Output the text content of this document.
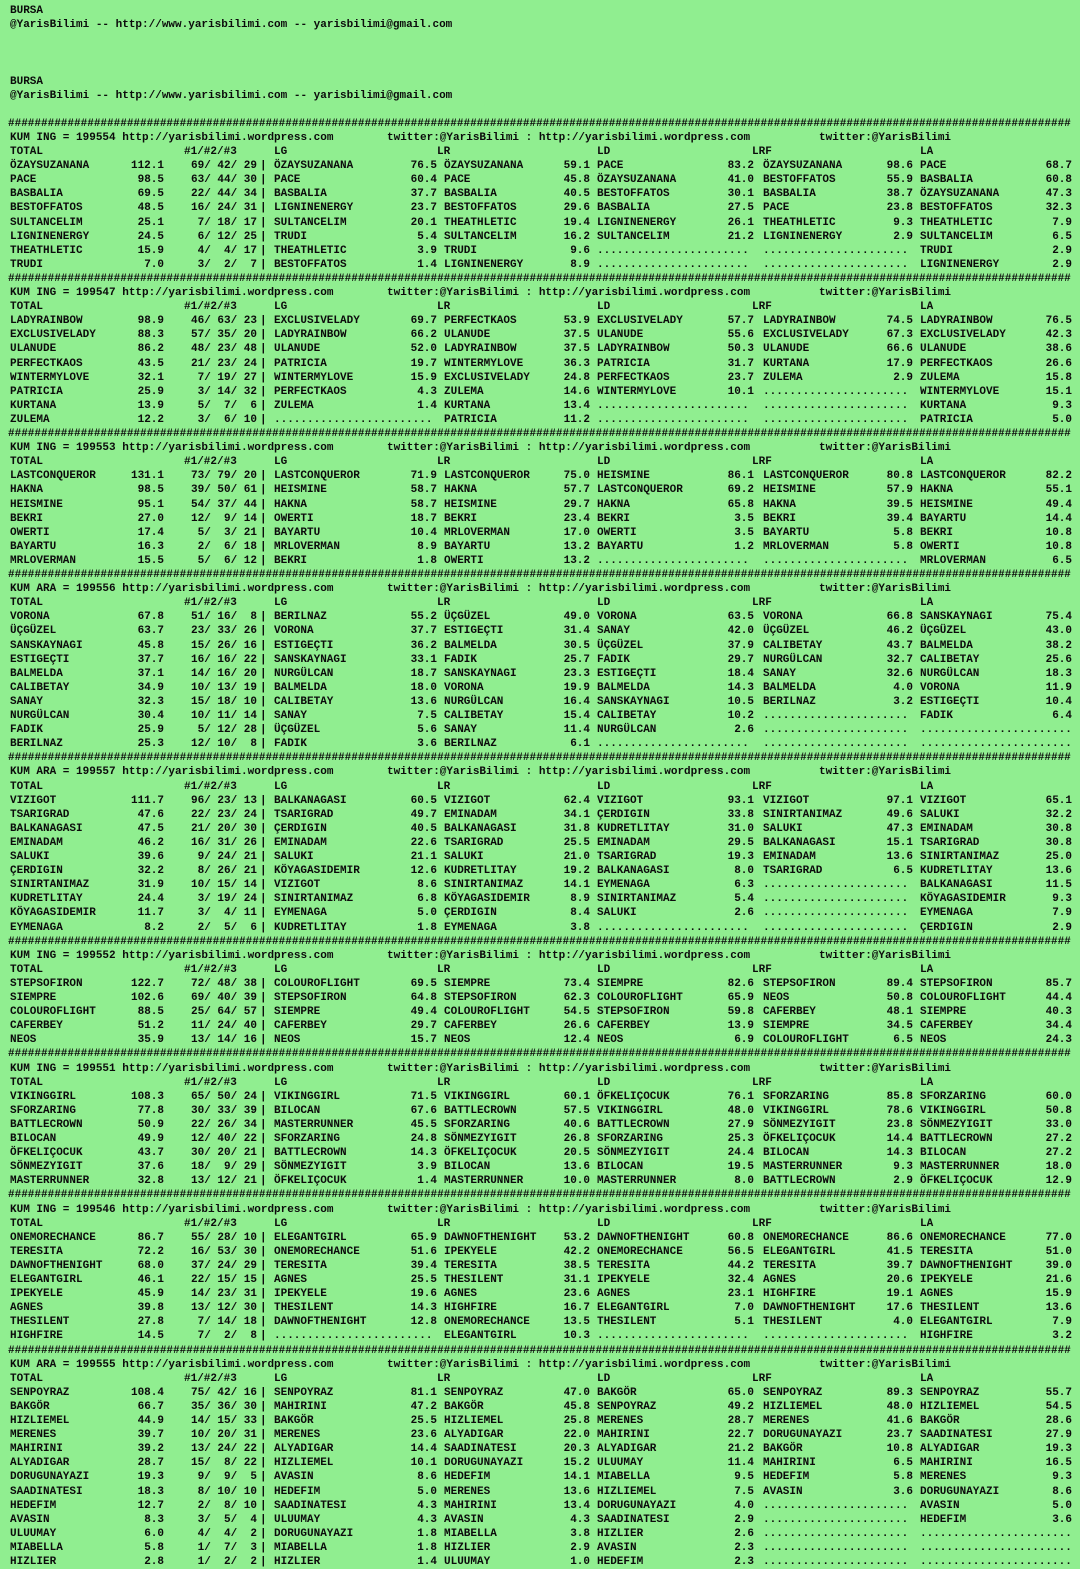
BURSA
@YarisBilimi -- http://www.yarisbilimi.com -- yarisbilimi@gmail.com
BURSA
@YarisBilimi -- http://www.yarisbilimi.com -- yarisbilimi@gmail.com
#################################################################################################################################################################
KUM ING = 199554 http://yarisbilimi.wordpress.com	twitter:@YarisBilimi : http://yarisbilimi.wordpress.com	twitter:@YarisBilimi
TOTAL	#1/#2/#3	LG	LR	LD	LRF	LA
ÖZAYSUZANANA	112.1 69/ 42/ 29 | ÖZAYSUZANANA	76.5 ÖZAYSUZANANA	59.1 PACE	83.2 ÖZAYSUZANANA	98.6 PACE	68.7
PACE	98.5 63/ 44/ 30 | PACE	60.4 PACE	45.8 ÖZAYSUZANANA	41.0 BESTOFFATOS	55.9 BASBALIA	60.8
BASBALIA	69.5 22/ 44/ 34 | BASBALIA	37.7 BASBALIA	40.5 BESTOFFATOS	30.1 BASBALIA	38.7 ÖZAYSUZANANA	47.3
BESTOFFATOS	48.5 16/ 24/ 31 | LIGNINENERGY	23.7 BESTOFFATOS	29.6 BASBALIA	27.5 PACE	23.8 BESTOFFATOS	32.3
SULTANCELIM	25.1 7/ 18/ 17 | SULTANCELIM	20.1 THEATHLETIC	19.4 LIGNINENERGY	26.1 THEATHLETIC	9.3 THEATHLETIC	7.9
LIGNINENERGY	24.5 6/ 12/ 25 | TRUDI	5.4 SULTANCELIM	16.2 SULTANCELIM	21.2 LIGNINENERGY	2.9 SULTANCELIM	6.5
THEATHLETIC	15.9 4/  4/ 17 | THEATHLETIC	3.9 TRUDI	9.6 ....................... ...................... TRUDI	2.9
TRUDI	7.0 3/  2/  7 | BESTOFFATOS	1.4 LIGNINENERGY	8.9 ....................... ...................... LIGNINENERGY	2.9
#################################################################################################################################################################
KUM ING = 199547 http://yarisbilimi.wordpress.com	twitter:@YarisBilimi : http://yarisbilimi.wordpress.com	twitter:@YarisBilimi
TOTAL	#1/#2/#3	LG	LR	LD	LRF	LA
LADYRAINBOW	98.9 46/ 63/ 23 | EXCLUSIVELADY	69.7 PERFECTKAOS	53.9 EXCLUSIVELADY	57.7 LADYRAINBOW	74.5 LADYRAINBOW	76.5
EXCLUSIVELADY	88.3 57/ 35/ 20 | LADYRAINBOW	66.2 ULANUDE	37.5 ULANUDE	55.6 EXCLUSIVELADY	67.3 EXCLUSIVELADY	42.3
ULANUDE	86.2 48/ 23/ 48 | ULANUDE	52.0 LADYRAINBOW	37.5 LADYRAINBOW	50.3 ULANUDE	66.6 ULANUDE	38.6
PERFECTKAOS	43.5 21/ 23/ 24 | PATRICIA	19.7 WINTERMYLOVE	36.3 PATRICIA	31.7 KURTANA	17.9 PERFECTKAOS	26.6
WINTERMYLOVE	32.1 7/ 19/ 27 | WINTERMYLOVE	15.9 EXCLUSIVELADY	24.8 PERFECTKAOS	23.7 ZULEMA	2.9 ZULEMA	15.8
PATRICIA	25.9 3/ 14/ 32 | PERFECTKAOS	4.3 ZULEMA	14.6 WINTERMYLOVE	10.1 ...................... WINTERMYLOVE	15.1
KURTANA	13.9 5/  7/  6 | ZULEMA	1.4 KURTANA	13.4 ....................... ...................... KURTANA	9.3
ZULEMA	12.2 3/  6/ 10 | ........................ PATRICIA	11.2 ....................... ...................... PATRICIA	5.0
#################################################################################################################################################################
KUM ING = 199553 http://yarisbilimi.wordpress.com	twitter:@YarisBilimi : http://yarisbilimi.wordpress.com	twitter:@YarisBilimi
TOTAL	#1/#2/#3	LG	LR	LD	LRF	LA
LASTCONQUEROR	131.1 73/ 79/ 20 | LASTCONQUEROR	71.9 LASTCONQUEROR	75.0 HEISMINE	86.1 LASTCONQUEROR	80.8 LASTCONQUEROR	82.2
HAKNA	98.5 39/ 50/ 61 | HEISMINE	58.7 HAKNA	57.7 LASTCONQUEROR	69.2 HEISMINE	57.9 HAKNA	55.1
HEISMINE	95.1 54/ 37/ 44 | HAKNA	58.7 HEISMINE	29.7 HAKNA	65.8 HAKNA	39.5 HEISMINE	49.4
BEKRI	27.0 12/  9/ 14 | OWERTI	18.7 BEKRI	23.4 BEKRI	3.5 BEKRI	39.4 BAYARTU	14.4
OWERTI	17.4 5/  3/ 21 | BAYARTU	10.4 MRLOVERMAN	17.0 OWERTI	3.5 BAYARTU	5.8 BEKRI	10.8
BAYARTU	16.3 2/  6/ 18 | MRLOVERMAN	8.9 BAYARTU	13.2 BAYARTU	1.2 MRLOVERMAN	5.8 OWERTI	10.8
MRLOVERMAN	15.5 5/  6/ 12 | BEKRI	1.8 OWERTI	13.2 ....................... ...................... MRLOVERMAN	6.5
#################################################################################################################################################################
KUM ARA = 199556 http://yarisbilimi.wordpress.com	twitter:@YarisBilimi : http://yarisbilimi.wordpress.com	twitter:@YarisBilimi
TOTAL	#1/#2/#3	LG	LR	LD	LRF	LA
VORONA	67.8 51/ 16/  8 | BERILNAZ	55.2 ÜÇGÜZEL	49.0 VORONA	63.5 VORONA	66.8 SANSKAYNAGI	75.4
ÜÇGÜZEL	63.7 23/ 33/ 26 | VORONA	37.7 ESTIGEÇTI	31.4 SANAY	42.0 ÜÇGÜZEL	46.2 ÜÇGÜZEL	43.0
SANSKAYNAGI	45.8 15/ 26/ 16 | ESTIGEÇTI	36.2 BALMELDA	30.5 ÜÇGÜZEL	37.9 CALIBETAY	43.7 BALMELDA	38.2
ESTIGEÇTI	37.7 16/ 16/ 22 | SANSKAYNAGI	33.1 FADIK	25.7 FADIK	29.7 NURGÜLCAN	32.7 CALIBETAY	25.6
BALMELDA	37.1 14/ 16/ 20 | NURGÜLCAN	18.7 SANSKAYNAGI	23.3 ESTIGEÇTI	18.4 SANAY	32.6 NURGÜLCAN	18.3
CALIBETAY	34.9 10/ 13/ 19 | BALMELDA	18.0 VORONA	19.9 BALMELDA	14.3 BALMELDA	4.0 VORONA	11.9
SANAY	32.3 15/ 18/ 10 | CALIBETAY	13.6 NURGÜLCAN	16.4 SANSKAYNAGI	10.5 BERILNAZ	3.2 ESTIGEÇTI	10.4
NURGÜLCAN	30.4 10/ 11/ 14 | SANAY	7.5 CALIBETAY	15.4 CALIBETAY	10.2 ...................... FADIK	6.4
FADIK	25.9 5/ 12/ 28 | ÜÇGÜZEL	5.6 SANAY	11.4 NURGÜLCAN	2.6 ...................... .......................
BERILNAZ	25.3 12/ 10/  8 | FADIK	3.6 BERILNAZ	6.1 ....................... ...................... .......................
#################################################################################################################################################################
KUM ARA = 199557 http://yarisbilimi.wordpress.com	twitter:@YarisBilimi : http://yarisbilimi.wordpress.com	twitter:@YarisBilimi
TOTAL	#1/#2/#3	LG	LR	LD	LRF	LA
VIZIGOT	111.7 96/ 23/ 13 | BALKANAGASI	60.5 VIZIGOT	62.4 VIZIGOT	93.1 VIZIGOT	97.1 VIZIGOT	65.1
TSARIGRAD	47.6 22/ 23/ 24 | TSARIGRAD	49.7 EMINADAM	34.1 ÇERDIGIN	33.8 SINIRTANIMAZ	49.6 SALUKI	32.2
BALKANAGASI	47.5 21/ 20/ 30 | ÇERDIGIN	40.5 BALKANAGASI	31.8 KUDRETLITAY	31.0 SALUKI	47.3 EMINADAM	30.8
EMINADAM	46.2 16/ 31/ 26 | EMINADAM	22.6 TSARIGRAD	25.5 EMINADAM	29.5 BALKANAGASI	15.1 TSARIGRAD	30.8
SALUKI	39.6 9/ 24/ 21 | SALUKI	21.1 SALUKI	21.0 TSARIGRAD	19.3 EMINADAM	13.6 SINIRTANIMAZ	25.0
ÇERDIGIN	32.2 8/ 26/ 21 | KÖYAGASIDEMIR	12.6 KUDRETLITAY	19.2 BALKANAGASI	8.0 TSARIGRAD	6.5 KUDRETLITAY	13.6
SINIRTANIMAZ	31.9 10/ 15/ 14 | VIZIGOT	8.6 SINIRTANIMAZ	14.1 EYMENAGA	6.3 ...................... BALKANAGASI	11.5
KUDRETLITAY	24.4 3/ 19/ 24 | SINIRTANIMAZ	6.8 KÖYAGASIDEMIR	8.9 SINIRTANIMAZ	5.4 ...................... KÖYAGASIDEMIR	9.3
KÖYAGASIDEMIR	11.7 3/  4/ 11 | EYMENAGA	5.0 ÇERDIGIN	8.4 SALUKI	2.6 ...................... EYMENAGA	7.9
EYMENAGA	8.2 2/  5/  6 | KUDRETLITAY	1.8 EYMENAGA	3.8 ....................... ...................... ÇERDIGIN	2.9
#################################################################################################################################################################
KUM ING = 199552 http://yarisbilimi.wordpress.com	twitter:@YarisBilimi : http://yarisbilimi.wordpress.com	twitter:@YarisBilimi
TOTAL	#1/#2/#3	LG	LR	LD	LRF	LA
STEPSOFIRON	122.7 72/ 48/ 38 | COLOUROFLIGHT	69.5 SIEMPRE	73.4 SIEMPRE	82.6 STEPSOFIRON	89.4 STEPSOFIRON	85.7
SIEMPRE	102.6 69/ 40/ 39 | STEPSOFIRON	64.8 STEPSOFIRON	62.3 COLOUROFLIGHT	65.9 NEOS	50.8 COLOUROFLIGHT	44.4
COLOUROFLIGHT	88.5 25/ 64/ 57 | SIEMPRE	49.4 COLOUROFLIGHT	54.5 STEPSOFIRON	59.8 CAFERBEY	48.1 SIEMPRE	40.3
CAFERBEY	51.2 11/ 24/ 40 | CAFERBEY	29.7 CAFERBEY	26.6 CAFERBEY	13.9 SIEMPRE	34.5 CAFERBEY	34.4
NEOS	35.9 13/ 14/ 16 | NEOS	15.7 NEOS	12.4 NEOS	6.9 COLOUROFLIGHT	6.5 NEOS	24.3
#################################################################################################################################################################
KUM ING = 199551 http://yarisbilimi.wordpress.com	twitter:@YarisBilimi : http://yarisbilimi.wordpress.com	twitter:@YarisBilimi
TOTAL	#1/#2/#3	LG	LR	LD	LRF	LA
VIKINGGIRL	108.3 65/ 50/ 24 | VIKINGGIRL	71.5 VIKINGGIRL	60.1 ÖFKELIÇOCUK	76.1 SFORZARING	85.8 SFORZARING	60.0
SFORZARING	77.8 30/ 33/ 39 | BILOCAN	67.6 BATTLECROWN	57.5 VIKINGGIRL	48.0 VIKINGGIRL	78.6 VIKINGGIRL	50.8
BATTLECROWN	50.9 22/ 26/ 34 | MASTERRUNNER	45.5 SFORZARING	40.6 BATTLECROWN	27.9 SÖNMEZYIGIT	23.8 SÖNMEZYIGIT	33.0
BILOCAN	49.9 12/ 40/ 22 | SFORZARING	24.8 SÖNMEZYIGIT	26.8 SFORZARING	25.3 ÖFKELIÇOCUK	14.4 BATTLECROWN	27.2
ÖFKELIÇOCUK	43.7 30/ 20/ 21 | BATTLECROWN	14.3 ÖFKELIÇOCUK	20.5 SÖNMEZYIGIT	24.4 BILOCAN	14.3 BILOCAN	27.2
SÖNMEZYIGIT	37.6 18/  9/ 29 | SÖNMEZYIGIT	3.9 BILOCAN	13.6 BILOCAN	19.5 MASTERRUNNER	9.3 MASTERRUNNER	18.0
MASTERRUNNER	32.8 13/ 12/ 21 | ÖFKELIÇOCUK	1.4 MASTERRUNNER	10.0 MASTERRUNNER	8.0 BATTLECROWN	2.9 ÖFKELIÇOCUK	12.9
#################################################################################################################################################################
KUM ING = 199546 http://yarisbilimi.wordpress.com	twitter:@YarisBilimi : http://yarisbilimi.wordpress.com	twitter:@YarisBilimi
TOTAL	#1/#2/#3	LG	LR	LD	LRF	LA
ONEMORECHANCE	86.7 55/ 28/ 10 | ELEGANTGIRL	65.9 DAWNOFTHENIGHT	53.2 DAWNOFTHENIGHT	60.8 ONEMORECHANCE	86.6 ONEMORECHANCE	77.0
TERESITA	72.2 16/ 53/ 30 | ONEMORECHANCE	51.6 IPEKYELE	42.2 ONEMORECHANCE	56.5 ELEGANTGIRL	41.5 TERESITA	51.0
DAWNOFTHENIGHT	68.0 37/ 24/ 29 | TERESITA	39.4 TERESITA	38.5 TERESITA	44.2 TERESITA	39.7 DAWNOFTHENIGHT	39.0
ELEGANTGIRL	46.1 22/ 15/ 15 | AGNES	25.5 THESILENT	31.1 IPEKYELE	32.4 AGNES	20.6 IPEKYELE	21.6
IPEKYELE	45.9 14/ 23/ 31 | IPEKYELE	19.6 AGNES	23.6 AGNES	23.1 HIGHFIRE	19.1 AGNES	15.9
AGNES	39.8 13/ 12/ 30 | THESILENT	14.3 HIGHFIRE	16.7 ELEGANTGIRL	7.0 DAWNOFTHENIGHT	17.6 THESILENT	13.6
THESILENT	27.8 7/ 14/ 18 | DAWNOFTHENIGHT	12.8 ONEMORECHANCE	13.5 THESILENT	5.1 THESILENT	4.0 ELEGANTGIRL	7.9
HIGHFIRE	14.5 7/  2/  8 | ........................ ELEGANTGIRL	10.3 ....................... ...................... HIGHFIRE	3.2
#################################################################################################################################################################
KUM ARA = 199555 http://yarisbilimi.wordpress.com	twitter:@YarisBilimi : http://yarisbilimi.wordpress.com	twitter:@YarisBilimi
TOTAL	#1/#2/#3	LG	LR	LD	LRF	LA
SENPOYRAZ	108.4 75/ 42/ 16 | SENPOYRAZ	81.1 SENPOYRAZ	47.0 BAKGÖR	65.0 SENPOYRAZ	89.3 SENPOYRAZ	55.7
BAKGÖR	66.7 35/ 36/ 30 | MAHIRINI	47.2 BAKGÖR	45.8 SENPOYRAZ	49.2 HIZLIEMEL	48.0 HIZLIEMEL	54.5
HIZLIEMEL	44.9 14/ 15/ 33 | BAKGÖR	25.5 HIZLIEMEL	25.8 MERENES	28.7 MERENES	41.6 BAKGÖR	28.6
MERENES	39.7 10/ 20/ 31 | MERENES	23.6 ALYADIGAR	22.0 MAHIRINI	22.7 DORUGUNAYAZI	23.7 SAADINATESI	27.9
MAHIRINI	39.2 13/ 24/ 22 | ALYADIGAR	14.4 SAADINATESI	20.3 ALYADIGAR	21.2 BAKGÖR	10.8 ALYADIGAR	19.3
ALYADIGAR	28.7 15/  8/ 22 | HIZLIEMEL	10.1 DORUGUNAYAZI	15.2 ULUUMAY	11.4 MAHIRINI	6.5 MAHIRINI	16.5
DORUGUNAYAZI	19.3 9/  9/  5 | AVASIN	8.6 HEDEFIM	14.1 MIABELLA	9.5 HEDEFIM	5.8 MERENES	9.3
SAADINATESI	18.3 8/ 10/ 10 | HEDEFIM	5.0 MERENES	13.6 HIZLIEMEL	7.5 AVASIN	3.6 DORUGUNAYAZI	8.6
HEDEFIM	12.7 2/  8/ 10 | SAADINATESI	4.3 MAHIRINI	13.4 DORUGUNAYAZI	4.0 ...................... AVASIN	5.0
AVASIN	8.3 3/  5/  4 | ULUUMAY	4.3 AVASIN	4.3 SAADINATESI	2.9 ...................... HEDEFIM	3.6
ULUUMAY	6.0 4/  4/  2 | DORUGUNAYAZI	1.8 MIABELLA	3.8 HIZLIER	2.6 ...................... .......................
MIABELLA	5.8 1/  7/  3 | MIABELLA	1.8 HIZLIER	2.9 AVASIN	2.3 ...................... .......................
HIZLIER	2.8 1/  2/  2 | HIZLIER	1.4 ULUUMAY	1.0 HEDEFIM	2.3 ...................... .......................
